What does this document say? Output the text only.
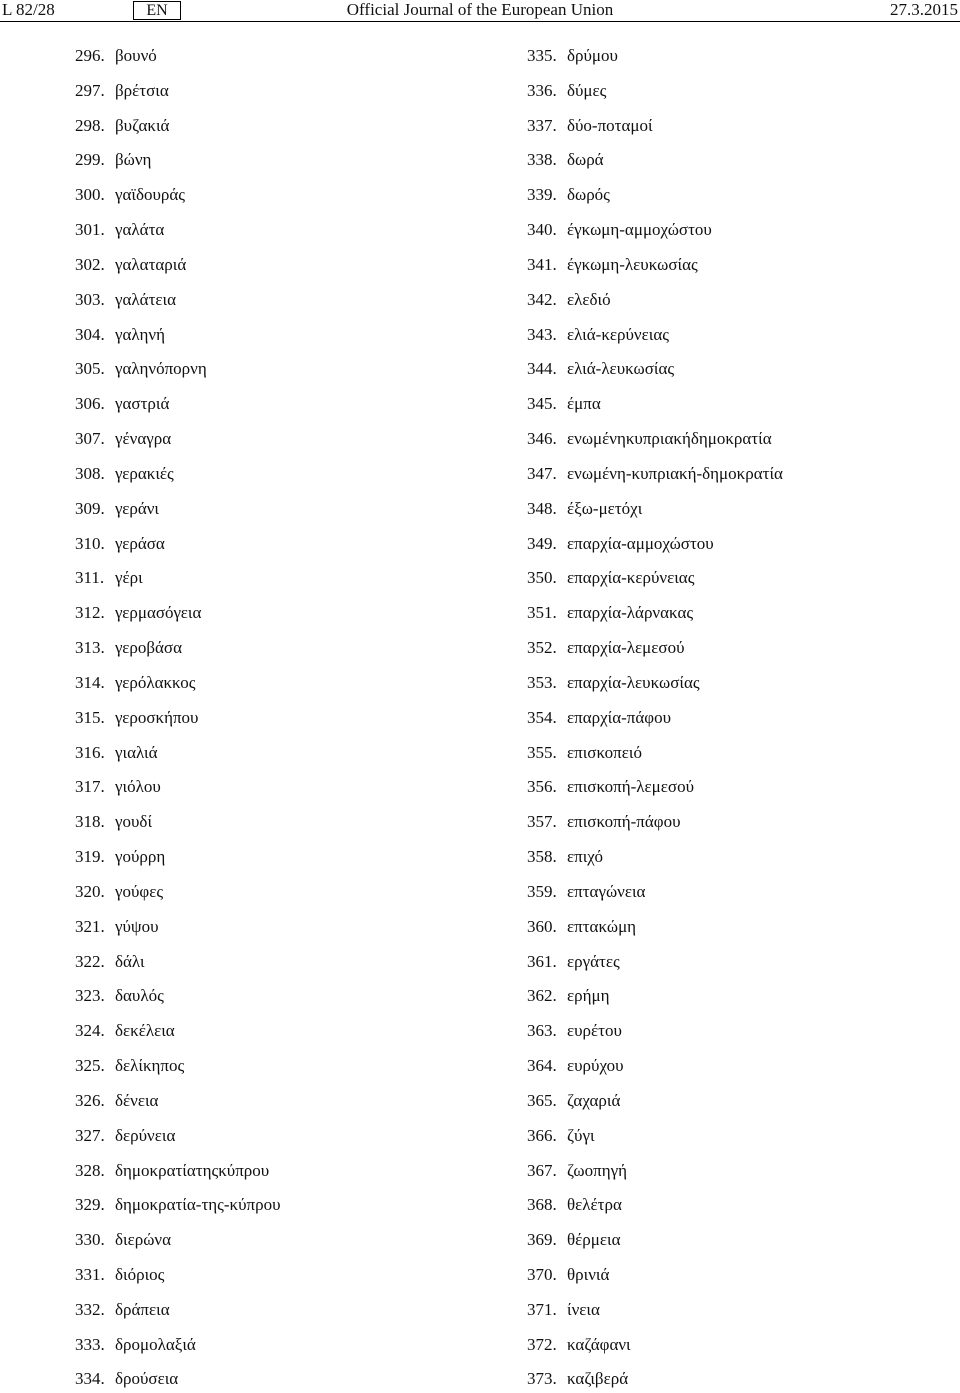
L 82/28	EN	Official Journal of the European Union	27.3.2015
296. βουνό
297. βρέτσια
298. βυζακιά
299. βώνη
300. γαϊδουράς
301. γαλάτα
302. γαλαταριά
303. γαλάτεια
304. γαληνή
305. γαληνόπορνη
306. γαστριά
307. γέναγρα
308. γερακιές
309. γεράνι
310. γεράσα
311. γέρι
312. γερμασόγεια
313. γεροβάσα
314. γερόλακκος
315. γεροσκήπου
316. γιαλιά
317. γιόλου
318. γουδί
319. γούρρη
320. γούφες
321. γύψου
322. δάλι
323. δαυλός
324. δεκέλεια
325. δελίκηπος
326. δένεια
327. δερύνεια
328. δημοκρατίατηςκύπρου
329. δημοκρατία-της-κύπρου
330. διερώνα
331. διόριος
332. δράπεια
333. δρομολαξιά
334. δρούσεια
335. δρύμου
336. δύμες
337. δύο-ποταμοί
338. δωρά
339. δωρός
340. έγκωμη-αμμοχώστου
341. έγκωμη-λευκωσίας
342. ελεδιό
343. ελιά-κερύνειας
344. ελιά-λευκωσίας
345. έμπα
346. ενωμένηκυπριακήδημοκρατία
347. ενωμένη-κυπριακή-δημοκρατία
348. έξω-μετόχι
349. επαρχία-αμμοχώστου
350. επαρχία-κερύνειας
351. επαρχία-λάρνακας
352. επαρχία-λεμεσού
353. επαρχία-λευκωσίας
354. επαρχία-πάφου
355. επισκοπειό
356. επισκοπή-λεμεσού
357. επισκοπή-πάφου
358. επιχό
359. επταγώνεια
360. επτακώμη
361. εργάτες
362. ερήμη
363. ευρέτου
364. ευρύχου
365. ζαχαριά
366. ζύγι
367. ζωοπηγή
368. θελέτρα
369. θέρμεια
370. θρινιά
371. ίνεια
372. καζάφανι
373. καζιβερά
